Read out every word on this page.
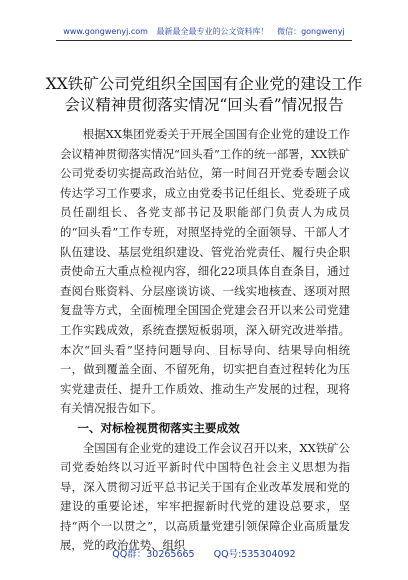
www.gongwenyj.com 最新最全最专业的公文资料库！ 微信：gongwenyj
XX铁矿公司党组织全国国有企业党的建设工作会议精神贯彻落实情况“回头看”情况报告

根据XX集团党委关于开展全国国有企业党的建设工作会议精神贯彻落实情况“回头看”工作的统一部署，XX铁矿公司党委切实提高政治站位，第一时间召开党委专题会议传达学习工作要求，成立由党委书记任组长、党委班子成员任副组长、各党支部书记及职能部门负责人为成员的“回头看”工作专班，对照坚持党的全面领导、干部人才队伍建设、基层党组织建设、管党治党责任、履行央企职责使命五大重点检视内容，细化22项具体自查条目，通过查阅台账资料、分层座谈访谈、一线实地核查、逐项对照复盘等方式，全面梳理全国国企党建会召开以来公司党建工作实践成效，系统查摆短板弱项，深入研究改进举措。本次“回头看”坚持问题导向、目标导向、结果导向相统一，做到覆盖全面、不留死角，切实把自查过程转化为压实党建责任、提升工作质效、推动生产发展的过程，现将有关情况报告如下。

一、对标检视贯彻落实主要成效

全国国有企业党的建设工作会议召开以来，XX铁矿公司党委始终以习近平新时代中国特色社会主义思想为指导，深入贯彻习近平总书记关于国有企业改革发展和党的建设的重要论述，牢牢把握新时代党的建设总要求，坚持“两个一以贯之”，以高质量党建引领保障企业高质量发展，党的政治优势、组织

QQ群：30265665 QQ号:535304092
